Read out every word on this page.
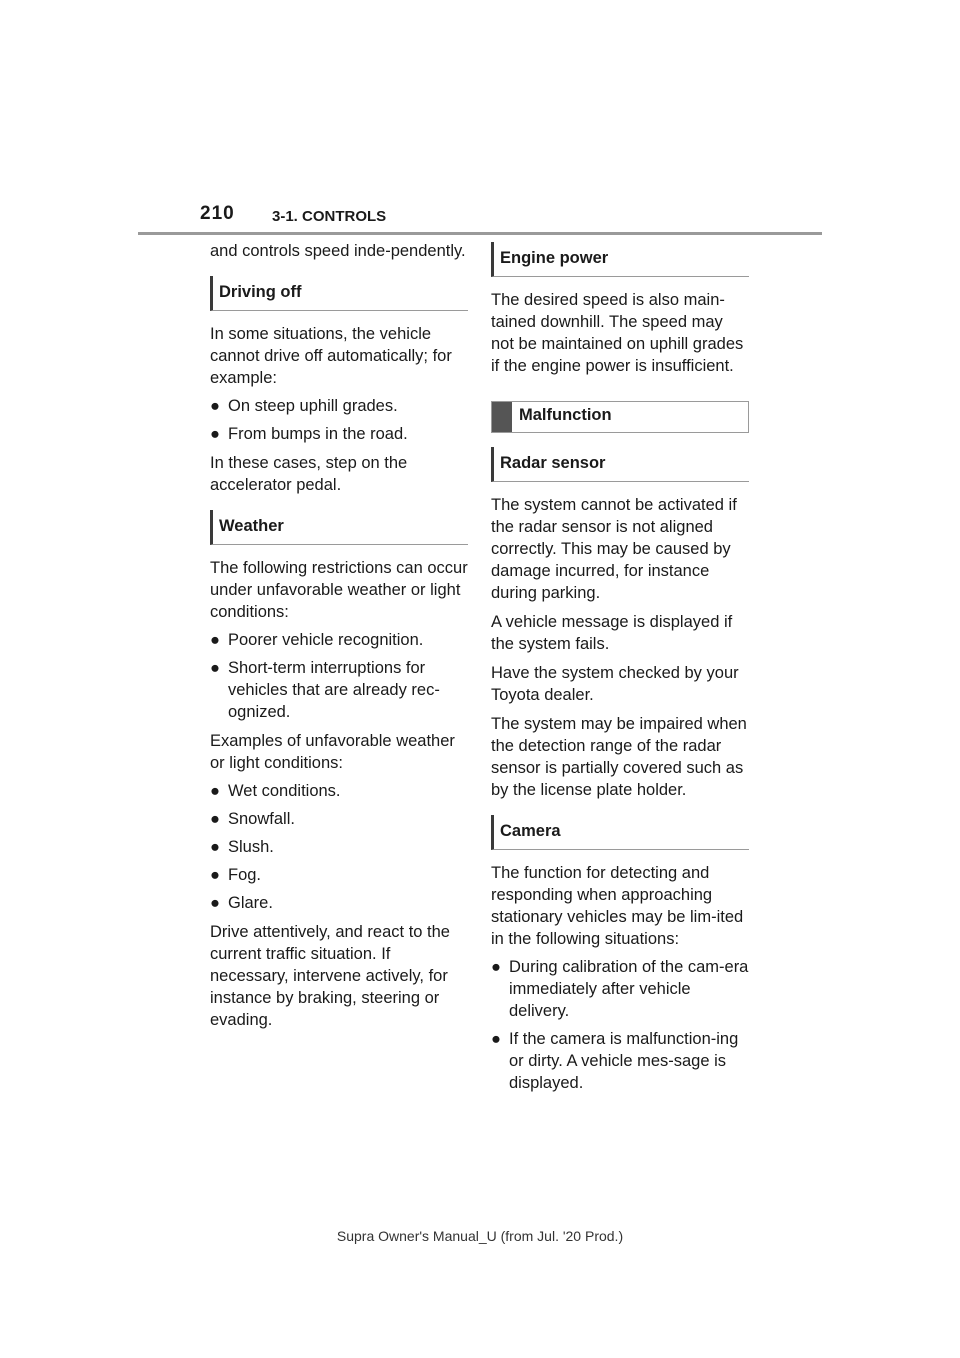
210 3-1. CONTROLS

and controls speed inde-pendently.

Driving off

In some situations, the vehicle cannot drive off automatically; for example:

● On steep uphill grades.
● From bumps in the road.

In these cases, step on the accelerator pedal.

Weather

The following restrictions can occur under unfavorable weather or light conditions:

● Poorer vehicle recognition.
● Short-term interruptions for vehicles that are already rec-ognized.

Examples of unfavorable weather or light conditions:

● Wet conditions.
● Snowfall.
● Slush.
● Fog.
● Glare.

Drive attentively, and react to the current traffic situation. If necessary, intervene actively, for instance by braking, steering or evading.

Engine power

The desired speed is also main-tained downhill. The speed may not be maintained on uphill grades if the engine power is insufficient.

Malfunction
Radar sensor

The system cannot be activated if the radar sensor is not aligned correctly. This may be caused by damage incurred, for instance during parking.

A vehicle message is displayed if the system fails.

Have the system checked by your Toyota dealer.

The system may be impaired when the detection range of the radar sensor is partially covered such as by the license plate holder.

Camera

The function for detecting and responding when approaching stationary vehicles may be lim-ited in the following situations:

● During calibration of the cam-era immediately after vehicle delivery.
● If the camera is malfunction-ing or dirty. A vehicle mes-sage is displayed.
Supra Owner's Manual_U (from Jul. '20 Prod.)
